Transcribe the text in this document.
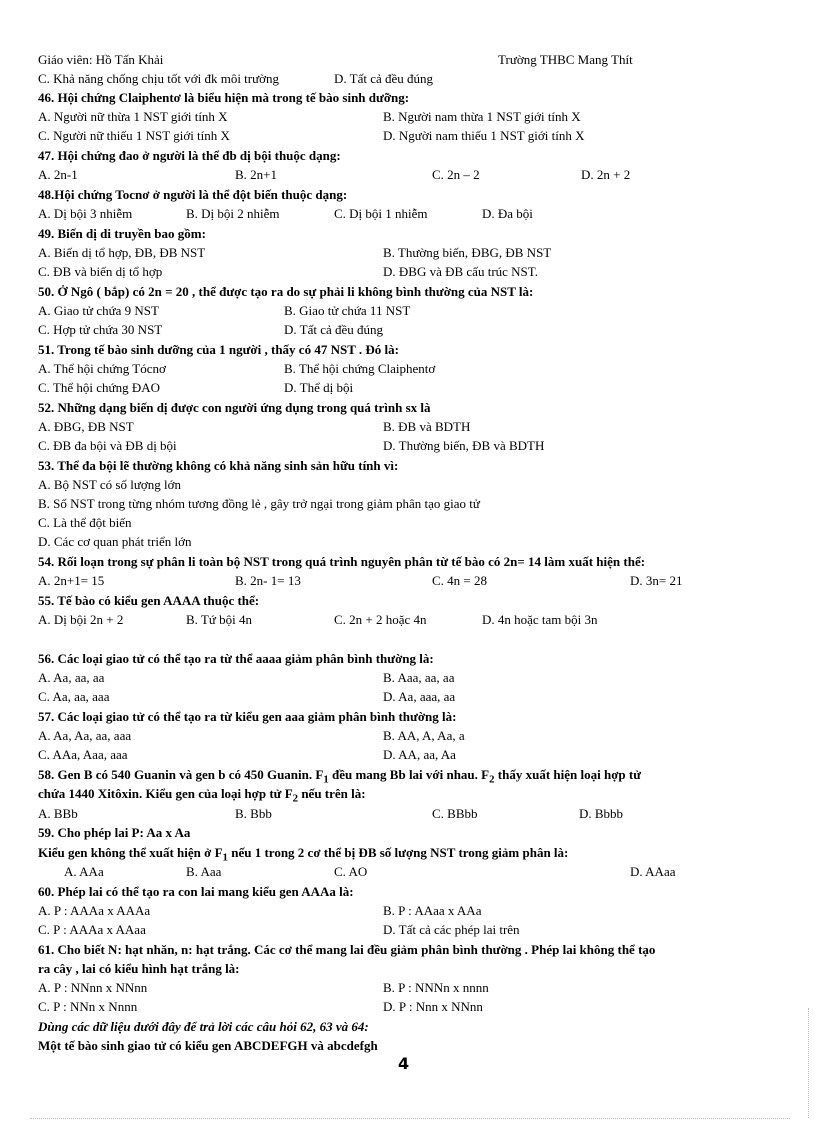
Giáo viên: Hồ Tấn Khải	Trường THBC Mang Thít
C. Khả năng chống chịu tốt với đk môi trường	D. Tất cả đều đúng
46. Hội chứng Claiphentơ là biểu hiện mà trong tế bào sinh dưỡng:
A. Người nữ thừa 1 NST giới tính X	B. Người nam thừa 1 NST giới tính X
C. Người nữ thiếu 1 NST giới tính X	D. Người nam thiếu 1 NST giới tính X
47. Hội chứng đao ở người là thể đb dị bội thuộc dạng:
A. 2n-1	B. 2n+1	C. 2n – 2	D. 2n + 2
48.Hội chứng Tocnơ ở người là thể đột biến thuộc dạng:
A. Dị bội 3 nhiễm	B. Dị bội 2 nhiễm	C. Dị bội 1 nhiễm	D. Đa bội
49. Biến dị di truyền bao gồm:
A. Biến dị tổ hợp, ĐB, ĐB NST	B. Thường biến, ĐBG, ĐB NST
C. ĐB và biến dị tổ hợp	D. ĐBG và ĐB cấu trúc NST.
50. Ở Ngô ( bắp) có 2n = 20 , thể được tạo ra do sự phải li không bình thường của NST là:
A. Giao tử chứa 9 NST	B. Giao tử chứa 11 NST
C. Hợp tử chứa 30 NST	D. Tất cả đều đúng
51. Trong tế bào sinh dưỡng của 1 người , thấy có 47 NST . Đó là:
A. Thể hội chứng Tócnơ	B. Thể hội chứng Claiphentơ
C. Thể hội chứng ĐAO	D. Thể dị bội
52. Những dạng biến dị được con người ứng dụng trong quá trình sx là
A. ĐBG, ĐB NST	B. ĐB và BDTH
C. ĐB đa bội và ĐB dị bội	D. Thường biến, ĐB và BDTH
53. Thể đa bội lẽ thường không có khả năng sinh sản hữu tính vì:
A. Bộ NST có số lượng lớn
B. Số NST trong từng nhóm tương đồng lẻ , gây trở ngại trong giảm phân tạo giao tử
C. Là thể đột biến
D. Các cơ quan phát triển lớn
54. Rối loạn trong sự phân li toàn bộ NST trong quá trình nguyên phân từ tế bào có 2n= 14 làm xuất hiện thể:
A. 2n+1= 15	B. 2n- 1= 13	C. 4n = 28	D. 3n= 21
55. Tế bào có kiểu gen AAAA thuộc thể:
A. Dị bội 2n + 2	B. Tứ bội 4n	C. 2n + 2 hoặc 4n	D. 4n hoặc tam bội 3n
56. Các loại giao tử có thể tạo ra từ thể aaaa giảm phân bình thường là:
A. Aa, aa, aa	B. Aaa, aa, aa
C. Aa, aa, aaa	D. Aa, aaa, aa
57. Các loại giao tử có thể tạo ra từ kiểu gen aaa giảm phân bình thường là:
A. Aa, Aa, aa, aaa	B. AA, A, Aa, a
C. AAa, Aaa, aaa	D. AA, aa, Aa
58. Gen B có 540 Guanin và gen b có 450 Guanin. $F_1$ đều mang Bb lai với nhau. $F_2$ thấy xuất hiện loại hợp tử
chứa 1440 Xitôxin. Kiểu gen của loại hợp tử $F_2$ nếu trên là:
A. BBb	B. Bbb	C. BBbb	D. Bbbb
59. Cho phép lai P: Aa x Aa
Kiểu gen không thể xuất hiện ở $F_1$ nếu 1 trong 2 cơ thể bị ĐB số lượng NST trong giảm phân là:
A. AAa	B. Aaa	C. AO	D. AAaa
60. Phép lai có thể tạo ra con lai mang kiểu gen AAAa là:
A. P : AAAa x AAAa	B. P : AAaa x AAa
C. P : AAAa x AAaa	D. Tất cả các phép lai trên
61. Cho biết N: hạt nhăn, n: hạt trắng. Các cơ thể mang lai đều giảm phân bình thường . Phép lai không thể tạo
ra cây , lai có kiểu hình hạt trắng là:
A. P : NNnn x NNnn	B. P : NNNn x nnnn
C. P : NNn x Nnnn	D. P : Nnn x NNnn
Dùng các dữ liệu dưới đây để trả lời các câu hỏi 62, 63 và 64:
Một tế bào sinh giao tử có kiểu gen ABCDEFGH và abcdefgh
4
